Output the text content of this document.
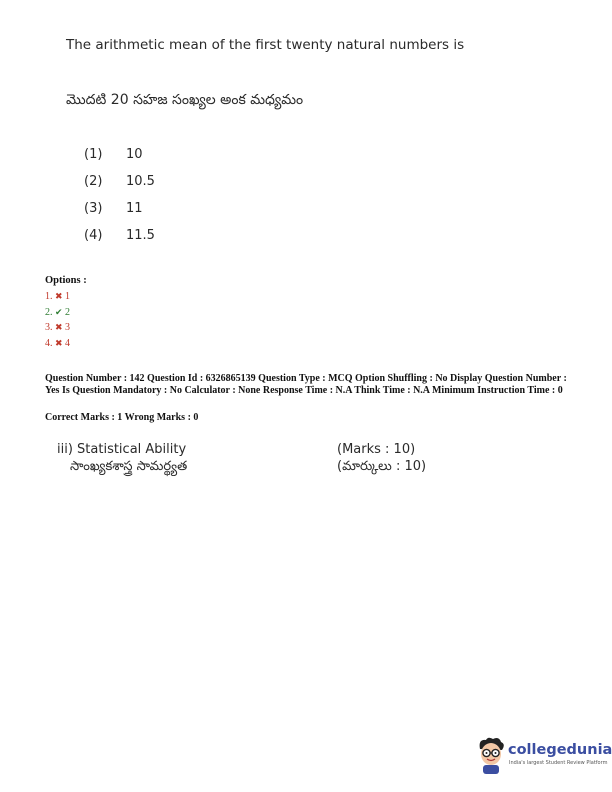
The arithmetic mean of the first twenty natural numbers is
మొదటి 20 సహజ సంఖ్యల అంక మధ్యమం
(1) 10
(2) 10.5
(3) 11
(4) 11.5
Options :
1. ✖ 1
2. ✔ 2
3. ✖ 3
4. ✖ 4
Question Number : 142 Question Id : 6326865139 Question Type : MCQ Option Shuffling : No Display Question Number : Yes Is Question Mandatory : No Calculator : None Response Time : N.A Think Time : N.A Minimum Instruction Time : 0
Correct Marks : 1 Wrong Marks : 0
iii) Statistical Ability
సాంఖ్యకశాస్త్ర సామర్థ్యత
(Marks : 10)
(మార్కులు : 10)
collegedunia
India's largest Student Review Platform
